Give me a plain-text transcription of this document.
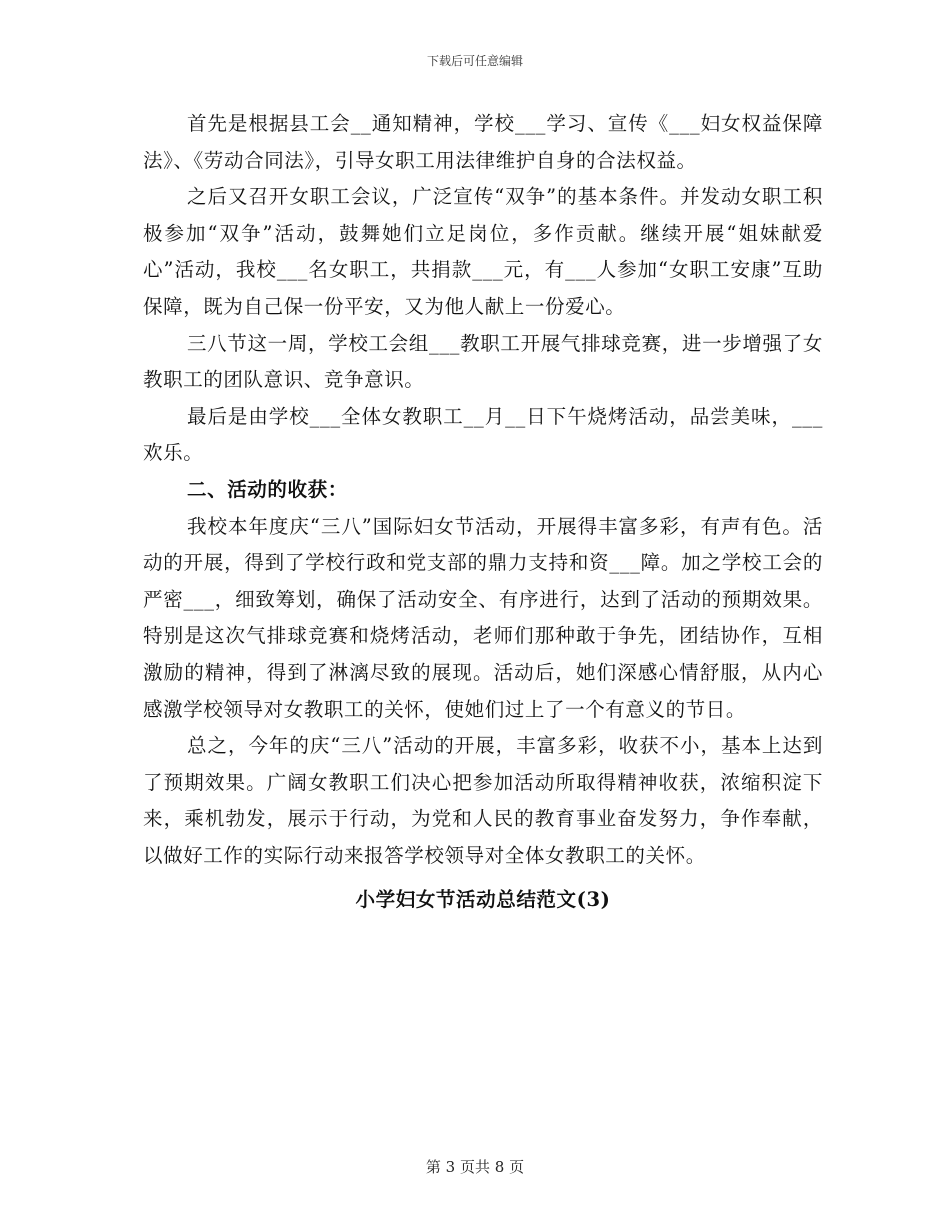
下载后可任意编辑

首先是根据县工会__通知精神，学校___学习、宣传《___妇女权益保障法》、《劳动合同法》，引导女职工用法律维护自身的合法权益。

之后又召开女职工会议，广泛宣传“双争”的基本条件。并发动女职工积极参加“双争”活动，鼓舞她们立足岗位，多作贡献。继续开展“姐妹献爱心”活动，我校___名女职工，共捐款___元，有___人参加“女职工安康”互助保障，既为自己保一份平安，又为他人献上一份爱心。

三八节这一周，学校工会组___教职工开展气排球竞赛，进一步增强了女教职工的团队意识、竞争意识。

最后是由学校___全体女教职工__月__日下午烧烤活动，品尝美味，___欢乐。

二、活动的收获：

我校本年度庆“三八”国际妇女节活动，开展得丰富多彩，有声有色。活动的开展，得到了学校行政和党支部的鼎力支持和资___障。加之学校工会的严密___，细致筹划，确保了活动安全、有序进行，达到了活动的预期效果。特别是这次气排球竞赛和烧烤活动，老师们那种敢于争先，团结协作，互相激励的精神，得到了淋漓尽致的展现。活动后，她们深感心情舒服，从内心感激学校领导对女教职工的关怀，使她们过上了一个有意义的节日。

总之，今年的庆“三八”活动的开展，丰富多彩，收获不小，基本上达到了预期效果。广阔女教职工们决心把参加活动所取得精神收获，浓缩积淀下来，乘机勃发，展示于行动，为党和人民的教育事业奋发努力，争作奉献，以做好工作的实际行动来报答学校领导对全体女教职工的关怀。

小学妇女节活动总结范文(3)

第 3 页共 8 页
